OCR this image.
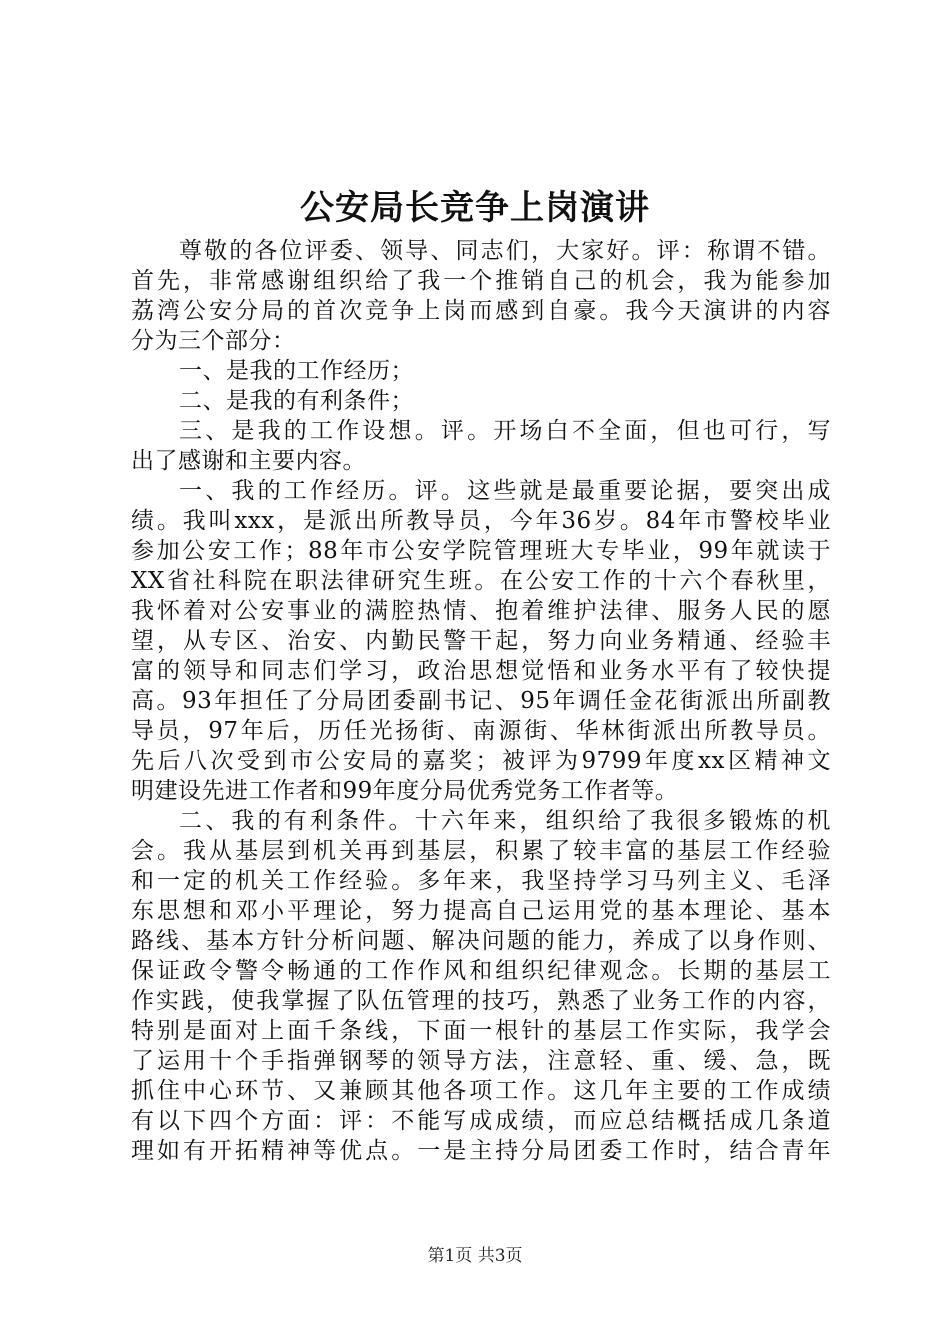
公安局长竞争上岗演讲
尊敬的各位评委、领导、同志们，大家好。评：称谓不错。
首先，非常感谢组织给了我一个推销自己的机会，我为能参加
荔湾公安分局的首次竞争上岗而感到自豪。我今天演讲的内容
分为三个部分：
一、是我的工作经历；
二、是我的有利条件；
三、是我的工作设想。评。开场白不全面，但也可行，写
出了感谢和主要内容。
一、我的工作经历。评。这些就是最重要论据，要突出成
绩。我叫xxx，是派出所教导员，今年36岁。84年市警校毕业
参加公安工作；88年市公安学院管理班大专毕业，99年就读于
XX省社科院在职法律研究生班。在公安工作的十六个春秋里，
我怀着对公安事业的满腔热情、抱着维护法律、服务人民的愿
望，从专区、治安、内勤民警干起，努力向业务精通、经验丰
富的领导和同志们学习，政治思想觉悟和业务水平有了较快提
高。93年担任了分局团委副书记、95年调任金花街派出所副教
导员，97年后，历任光扬街、南源街、华林街派出所教导员。
先后八次受到市公安局的嘉奖；被评为9799年度xx区精神文
明建设先进工作者和99年度分局优秀党务工作者等。
二、我的有利条件。十六年来，组织给了我很多锻炼的机
会。我从基层到机关再到基层，积累了较丰富的基层工作经验
和一定的机关工作经验。多年来，我坚持学习马列主义、毛泽
东思想和邓小平理论，努力提高自己运用党的基本理论、基本
路线、基本方针分析问题、解决问题的能力，养成了以身作则、
保证政令警令畅通的工作作风和组织纪律观念。长期的基层工
作实践，使我掌握了队伍管理的技巧，熟悉了业务工作的内容，
特别是面对上面千条线，下面一根针的基层工作实际，我学会
了运用十个手指弹钢琴的领导方法，注意轻、重、缓、急，既
抓住中心环节、又兼顾其他各项工作。这几年主要的工作成绩
有以下四个方面：评：不能写成成绩，而应总结概括成几条道
理如有开拓精神等优点。一是主持分局团委工作时，结合青年
第1页 共3页
